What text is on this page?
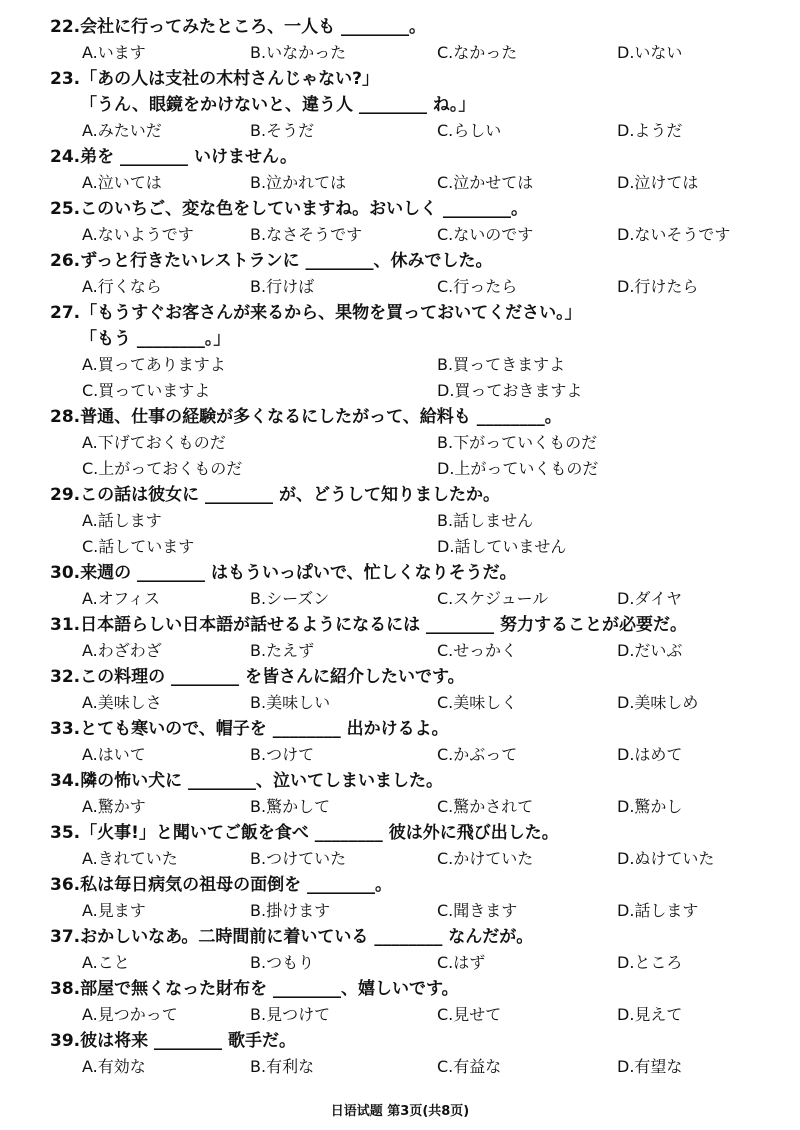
22.会社に行ってみたところ、一人も ________。
A.います	B.いなかった	C.なかった	D.いない
23.「あの人は支社の木村さんじゃない?」
「うん、眼鏡をかけないと、違う人 ________ ね。」
A.みたいだ	B.そうだ	C.らしい	D.ようだ
24.弟を ________ いけません。
A.泣いては	B.泣かれては	C.泣かせては	D.泣けては
25.このいちご、変な色をしていますね。おいしく ________。
A.ないようです	B.なさそうです	C.ないのです	D.ないそうです
26.ずっと行きたいレストランに ________、休みでした。
A.行くなら	B.行けば	C.行ったら	D.行けたら
27.「もうすぐお客さんが来るから、果物を買っておいてください。」
「もう ________。」
A.買ってありますよ	B.買ってきますよ
C.買っていますよ	D.買っておきますよ
28.普通、仕事の経験が多くなるにしたがって、給料も ________。
A.下げておくものだ	B.下がっていくものだ
C.上がっておくものだ	D.上がっていくものだ
29.この話は彼女に ________ が、どうして知りましたか。
A.話します	B.話しません
C.話しています	D.話していません
30.来週の ________ はもういっぱいで、忙しくなりそうだ。
A.オフィス	B.シーズン	C.スケジュール	D.ダイヤ
31.日本語らしい日本語が話せるようになるには ________ 努力することが必要だ。
A.わざわざ	B.たえず	C.せっかく	D.だいぶ
32.この料理の ________ を皆さんに紹介したいです。
A.美味しさ	B.美味しい	C.美味しく	D.美味しめ
33.とても寒いので、帽子を ________ 出かけるよ。
A.はいて	B.つけて	C.かぶって	D.はめて
34.隣の怖い犬に ________、泣いてしまいました。
A.驚かす	B.驚かして	C.驚かされて	D.驚かし
35.「火事!」と聞いてご飯を食べ ________ 彼は外に飛び出した。
A.きれていた	B.つけていた	C.かけていた	D.ぬけていた
36.私は毎日病気の祖母の面倒を ________。
A.見ます	B.掛けます	C.聞きます	D.話します
37.おかしいなあ。二時間前に着いている ________ なんだが。
A.こと	B.つもり	C.はず	D.ところ
38.部屋で無くなった財布を ________、嬉しいです。
A.見つかって	B.見つけて	C.見せて	D.見えて
39.彼は将来 ________ 歌手だ。
A.有効な	B.有利な	C.有益な	D.有望な
日语试题 第3页(共8页)
